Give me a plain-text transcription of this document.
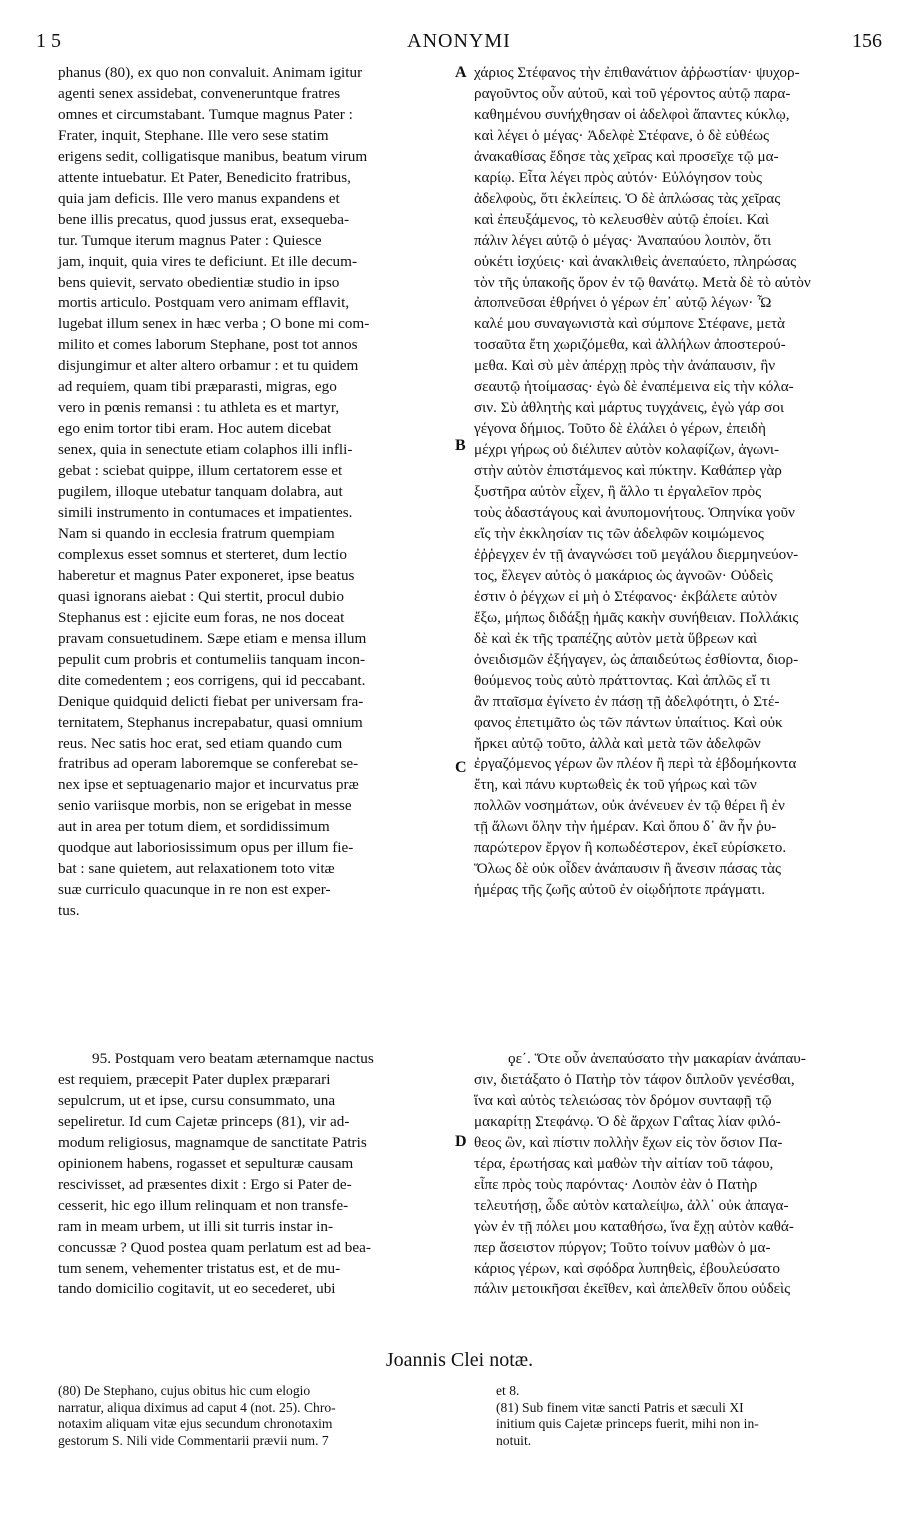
1 5	ΑΝΟΝΥΜΙ	156

phanus (80), ex quo non convaluit. Animam igitur
agenti senex assidebat, conveneruntque fratres
omnes et circumstabant. Tumque magnus Pater :
Frater, inquit, Stephane. Ille vero sese statim
erigens sedit, colligatisque manibus, beatum virum
attente intuebatur. Et Pater, Benedicito fratribus,
quia jam deficis. Ille vero manus expandens et
bene illis precatus, quod jussus erat, exsequeba-
tur. Tumque iterum magnus Pater : Quiesce
jam, inquit, quia vires te deficiunt. Et ille decum-
bens quievit, servato obedientiæ studio in ipso
mortis articulo. Postquam vero animam efflavit,
lugebat illum senex in hæc verba ; O bone mi com-
milito et comes laborum Stephane, post tot annos
disjungimur et alter altero orbamur : et tu quidem
ad requiem, quam tibi præparasti, migras, ego
vero in pœnis remansi : tu athleta es et martyr,
ego enim tortor tibi eram. Hoc autem dicebat
senex, quia in senectute etiam colaphos illi infli-
gebat : sciebat quippe, illum certatorem esse et
pugilem, illoque utebatur tanquam dolabra, aut
simili instrumento in contumaces et impatientes.
Nam si quando in ecclesia fratrum quempiam
complexus esset somnus et sterteret, dum lectio
haberetur et magnus Pater exponeret, ipse beatus
quasi ignorans aiebat : Qui stertit, procul dubio
Stephanus est : ejicite eum foras, ne nos doceat
pravam consuetudinem. Sæpe etiam e mensa illum
pepulit cum probris et contumeliis tanquam incon-
dite comedentem ; eos corrigens, qui id peccabant.
Denique quidquid delicti fiebat per universam fra-
ternitatem, Stephanus increpabatur, quasi omnium
reus. Nec satis hoc erat, sed etiam quando cum
fratribus ad operam laboremque se conferebat se-
nex ipse et septuagenario major et incurvatus præ
senio variisque morbis, non se erigebat in messe
aut in area per totum diem, et sordidissimum
quodque aut laboriosissimum opus per illum fie-
bat : sane quietem, aut relaxationem toto vitæ
suæ curriculo quacunque in re non est exper-
tus.

χάριος Στέφανος τὴν ἐπιθανάτιον ἀῤῥωστίαν· ψυχορ-
ραγοῦντος οὖν αὐτοῦ, καὶ τοῦ γέροντος αὐτῷ παρα-
καθημένου συνήχθησαν οἱ ἀδελφοὶ ἅπαντες κύκλῳ,
καὶ λέγει ὁ μέγας· Ἀδελφὲ Στέφανε, ὁ δὲ εὐθέως
ἀνακαθίσας ἔδησε τὰς χεῖρας καὶ προσεῖχε τῷ μα-
καρίῳ. Εἶτα λέγει πρὸς αὐτόν· Εὐλόγησον τοὺς
ἀδελφοὺς, ὅτι ἐκλείπεις. Ὁ δὲ ἁπλώσας τὰς χεῖρας
καὶ ἐπευξάμενος, τὸ κελευσθὲν αὐτῷ ἐποίει. Καὶ
πάλιν λέγει αὐτῷ ὁ μέγας· Ἀναπαύου λοιπὸν, ὅτι
οὐκέτι ἰσχύεις· καὶ ἀνακλιθεὶς ἀνεπαύετο, πληρώσας
τὸν τῆς ὑπακοῆς ὅρον ἐν τῷ θανάτῳ. Μετὰ δὲ τὸ αὐτὸν
ἀποπνεῦσαι ἐθρήνει ὁ γέρων ἐπ᾽ αὐτῷ λέγων· Ὦ
καλέ μου συναγωνιστὰ καὶ σύμπονε Στέφανε, μετὰ
τοσαῦτα ἔτη χωριζόμεθα, καὶ ἀλλήλων ἀποστερού-
μεθα. Καὶ σὺ μὲν ἀπέρχῃ πρὸς τὴν ἀνάπαυσιν, ἣν
σεαυτῷ ἡτοίμασας· ἐγὼ δὲ ἐναπέμεινα εἰς τὴν κόλα-
σιν. Σὺ ἀθλητὴς καὶ μάρτυς τυγχάνεις, ἐγὼ γάρ σοι
γέγονα δήμιος. Τοῦτο δὲ ἐλάλει ὁ γέρων, ἐπειδὴ
μέχρι γήρως οὐ διέλιπεν αὐτὸν κολαφίζων, ἀγωνι-
στὴν αὐτὸν ἐπιστάμενος καὶ πύκτην. Καθάπερ γὰρ
ξυστῆρα αὐτὸν εἶχεν, ἢ ἄλλο τι ἐργαλεῖον πρὸς
τοὺς ἀδαστάγους καὶ ἀνυπομονήτους. Ὁπηνίκα γοῦν
εἴς τὴν ἐκκλησίαν τις τῶν ἀδελφῶν κοιμώμενος
ἐῤῥεγχεν ἐν τῇ ἀναγνώσει τοῦ μεγάλου διερμηνεύον-
τος, ἔλεγεν αὐτὸς ὁ μακάριος ὡς ἀγνοῶν· Οὐδεὶς
ἐστιν ὁ ῥέγχων εἰ μὴ ὁ Στέφανος· ἐκβάλετε αὐτὸν
ἔξω, μήπως διδάξῃ ἡμᾶς κακὴν συνήθειαν. Πολλάκις
δὲ καὶ ἐκ τῆς τραπέζης αὐτὸν μετὰ ὕβρεων καὶ
ὀνειδισμῶν ἐξήγαγεν, ὡς ἀπαιδεύτως ἐσθίοντα, διορ-
θούμενος τοὺς αὐτὸ πράττοντας. Καὶ ἁπλῶς εἴ τι
ἂν πταῖσμα ἐγίνετο ἐν πάσῃ τῇ ἀδελφότητι, ὁ Στέ-
φανος ἐπετιμᾶτο ὡς τῶν πάντων ὑπαίτιος. Καὶ οὐκ
ἤρκει αὐτῷ τοῦτο, ἀλλὰ καὶ μετὰ τῶν ἀδελφῶν
ἐργαζόμενος γέρων ὢν πλέον ἢ περὶ τὰ ἑβδομήκοντα
ἔτη, καὶ πάνυ κυρτωθεὶς ἐκ τοῦ γήρως καὶ τῶν
πολλῶν νοσημάτων, οὐκ ἀνένευεν ἐν τῷ θέρει ἢ ἐν
τῇ ἅλωνι ὅλην τὴν ἡμέραν. Καὶ ὅπου δ᾽ ἂν ἦν ῥυ-
παρώτερον ἔργον ἢ κοπωδέστερον, ἐκεῖ εὑρίσκετο.
Ὅλως δὲ οὐκ οἶδεν ἀνάπαυσιν ἢ ἄνεσιν πάσας τὰς
ἡμέρας τῆς ζωῆς αὐτοῦ ἐν οἱῳδήποτε πράγματι.

A
B
C
D

95. Postquam vero beatam æternamque nactus
est requiem, præcepit Pater duplex præparari
sepulcrum, ut et ipse, cursu consummato, una
sepeliretur. Id cum Cajetæ princeps (81), vir ad-
modum religiosus, magnamque de sanctitate Patris
opinionem habens, rogasset et sepulturæ causam
rescivisset, ad præsentes dixit : Ergo si Pater de-
cesserit, hic ego illum relinquam et non transfe-
ram in meam urbem, ut illi sit turris instar in-
concussæ ? Quod postea quam perlatum est ad bea-
tum senem, vehementer tristatus est, et de mu-
tando domicilio cogitavit, ut eo secederet, ubi

ϙε΄. Ὅτε οὖν ἀνεπαύσατο τὴν μακαρίαν ἀνάπαυ-
σιν, διετάξατο ὁ Πατὴρ τὸν τάφον διπλοῦν γενέσθαι,
ἵνα καὶ αὐτὸς τελειώσας τὸν δρόμον συνταφῇ τῷ
μακαρίτῃ Στεφάνῳ. Ὁ δὲ ἄρχων Γαΐτας λίαν φιλό-
θεος ὢν, καὶ πίστιν πολλὴν ἔχων εἰς τὸν ὅσιον Πα-
τέρα, ἐρωτήσας καὶ μαθὼν τὴν αἰτίαν τοῦ τάφου,
εἶπε πρὸς τοὺς παρόντας· Λοιπὸν ἐὰν ὁ Πατὴρ
τελευτήσῃ, ὧδε αὐτὸν καταλείψω, ἀλλ᾽ οὐκ ἀπαγα-
γὼν ἐν τῇ πόλει μου καταθήσω, ἵνα ἔχῃ αὐτὸν καθά-
περ ἄσειστον πύργον; Τοῦτο τοίνυν μαθὼν ὁ μα-
κάριος γέρων, καὶ σφόδρα λυπηθεὶς, ἐβουλεύσατο
πάλιν μετοικῆσαι ἐκεῖθεν, καὶ ἀπελθεῖν ὅπου οὐδεὶς

Joannis Clei notæ.

(80) De Stephano, cujus obitus hic cum elogio
narratur, aliqua diximus ad caput 4 (not. 25). Chro-
notaxim aliquam vitæ ejus secundum chronotaxim
gestorum S. Nili vide Commentarii prævii num. 7

et 8.
(81) Sub finem vitæ sancti Patris et sæculi XI
initium quis Cajetæ princeps fuerit, mihi non in-
notuit.
